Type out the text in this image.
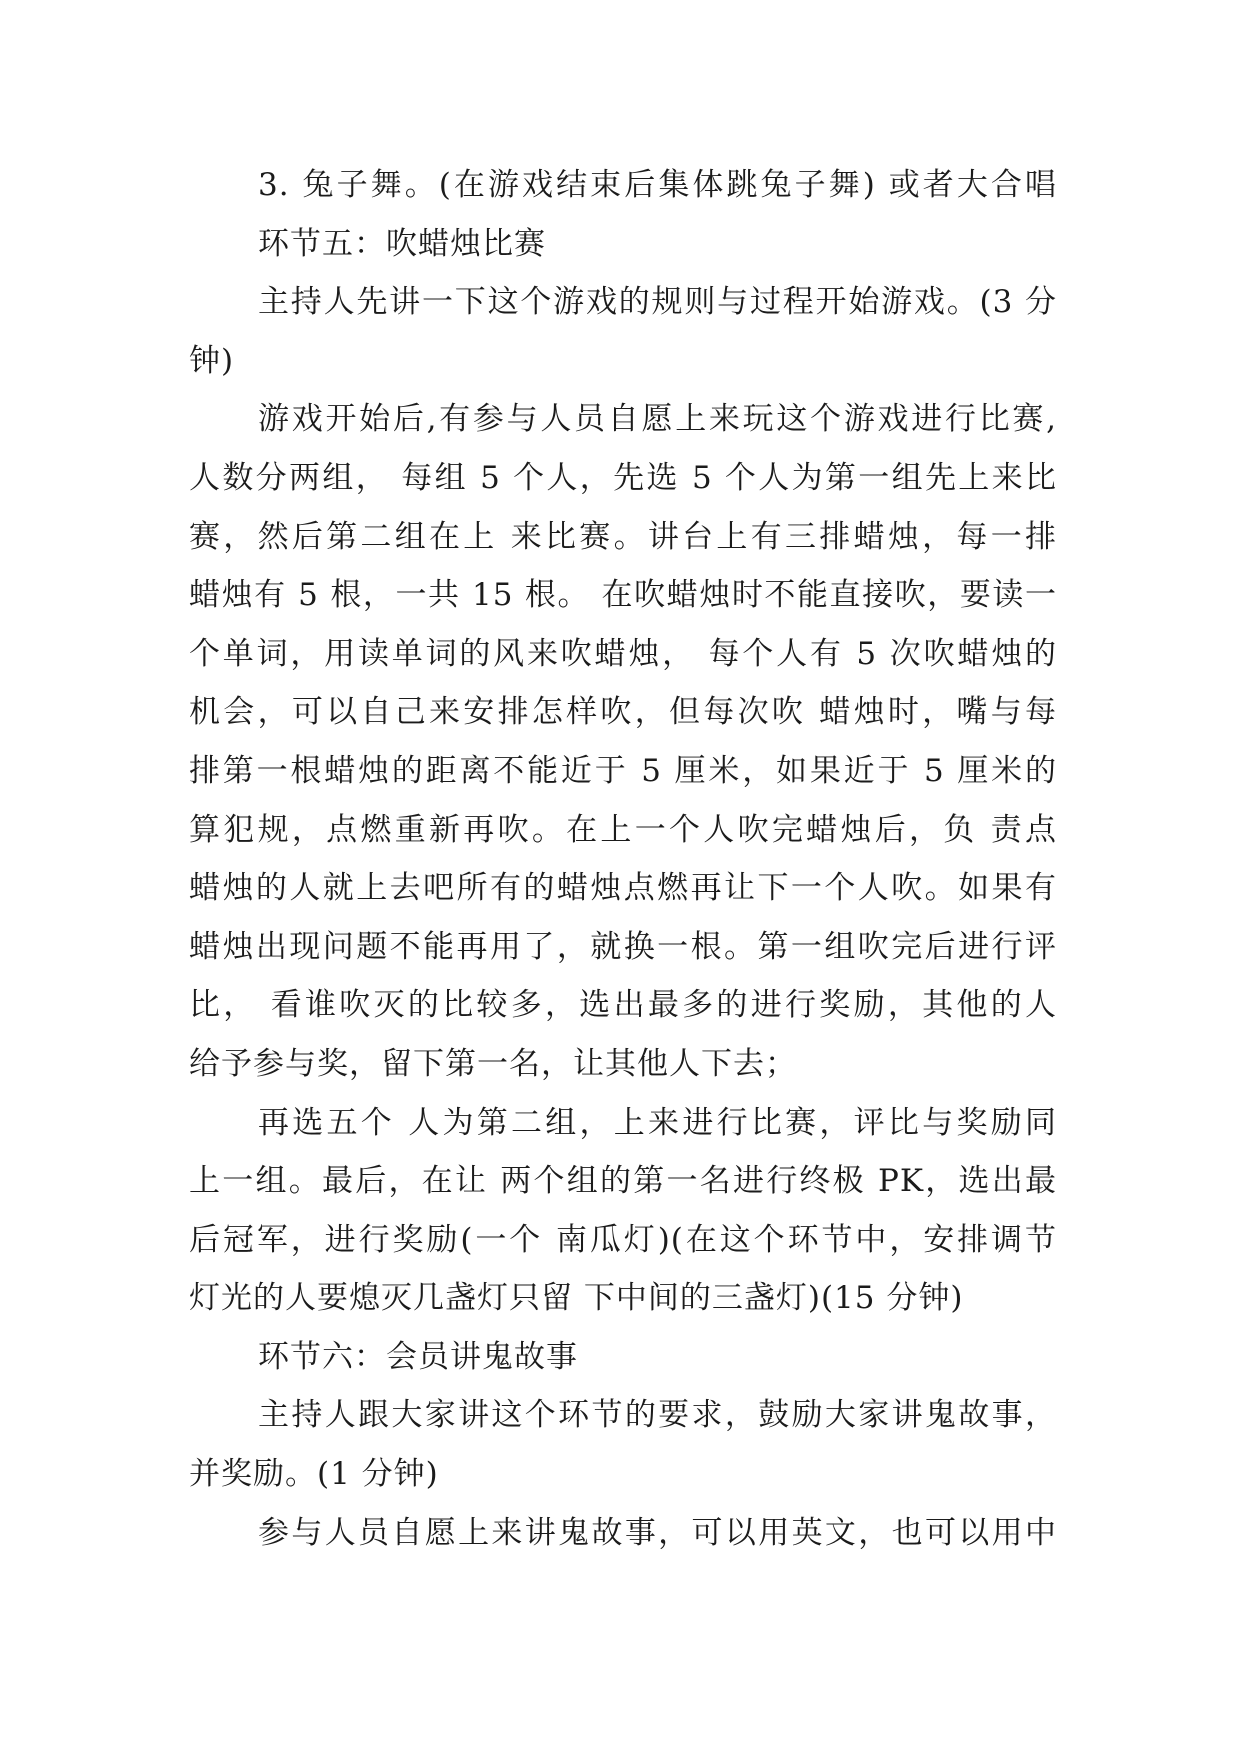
3. 兔子舞。(在游戏结束后集体跳兔子舞) 或者大合唱
环节五：吹蜡烛比赛
主持人先讲一下这个游戏的规则与过程开始游戏。(3 分
钟)
游戏开始后,有参与人员自愿上来玩这个游戏进行比赛,
人数分两组， 每组 5 个人，先选 5 个人为第一组先上来比
赛，然后第二组在上 来比赛。讲台上有三排蜡烛，每一排
蜡烛有 5 根，一共 15 根。 在吹蜡烛时不能直接吹，要读一
个单词，用读单词的风来吹蜡烛， 每个人有 5 次吹蜡烛的
机会，可以自己来安排怎样吹，但每次吹 蜡烛时，嘴与每
排第一根蜡烛的距离不能近于 5 厘米，如果近于 5 厘米的
算犯规，点燃重新再吹。在上一个人吹完蜡烛后，负 责点
蜡烛的人就上去吧所有的蜡烛点燃再让下一个人吹。如果有
蜡烛出现问题不能再用了，就换一根。第一组吹完后进行评
比， 看谁吹灭的比较多，选出最多的进行奖励，其他的人
给予参与奖，留下第一名，让其他人下去；
再选五个 人为第二组，上来进行比赛，评比与奖励同
上一组。最后，在让 两个组的第一名进行终极 PK，选出最
后冠军，进行奖励(一个 南瓜灯)(在这个环节中，安排调节
灯光的人要熄灭几盏灯只留 下中间的三盏灯)(15 分钟)
环节六：会员讲鬼故事
主持人跟大家讲这个环节的要求，鼓励大家讲鬼故事，
并奖励。(1 分钟)
参与人员自愿上来讲鬼故事，可以用英文，也可以用中
